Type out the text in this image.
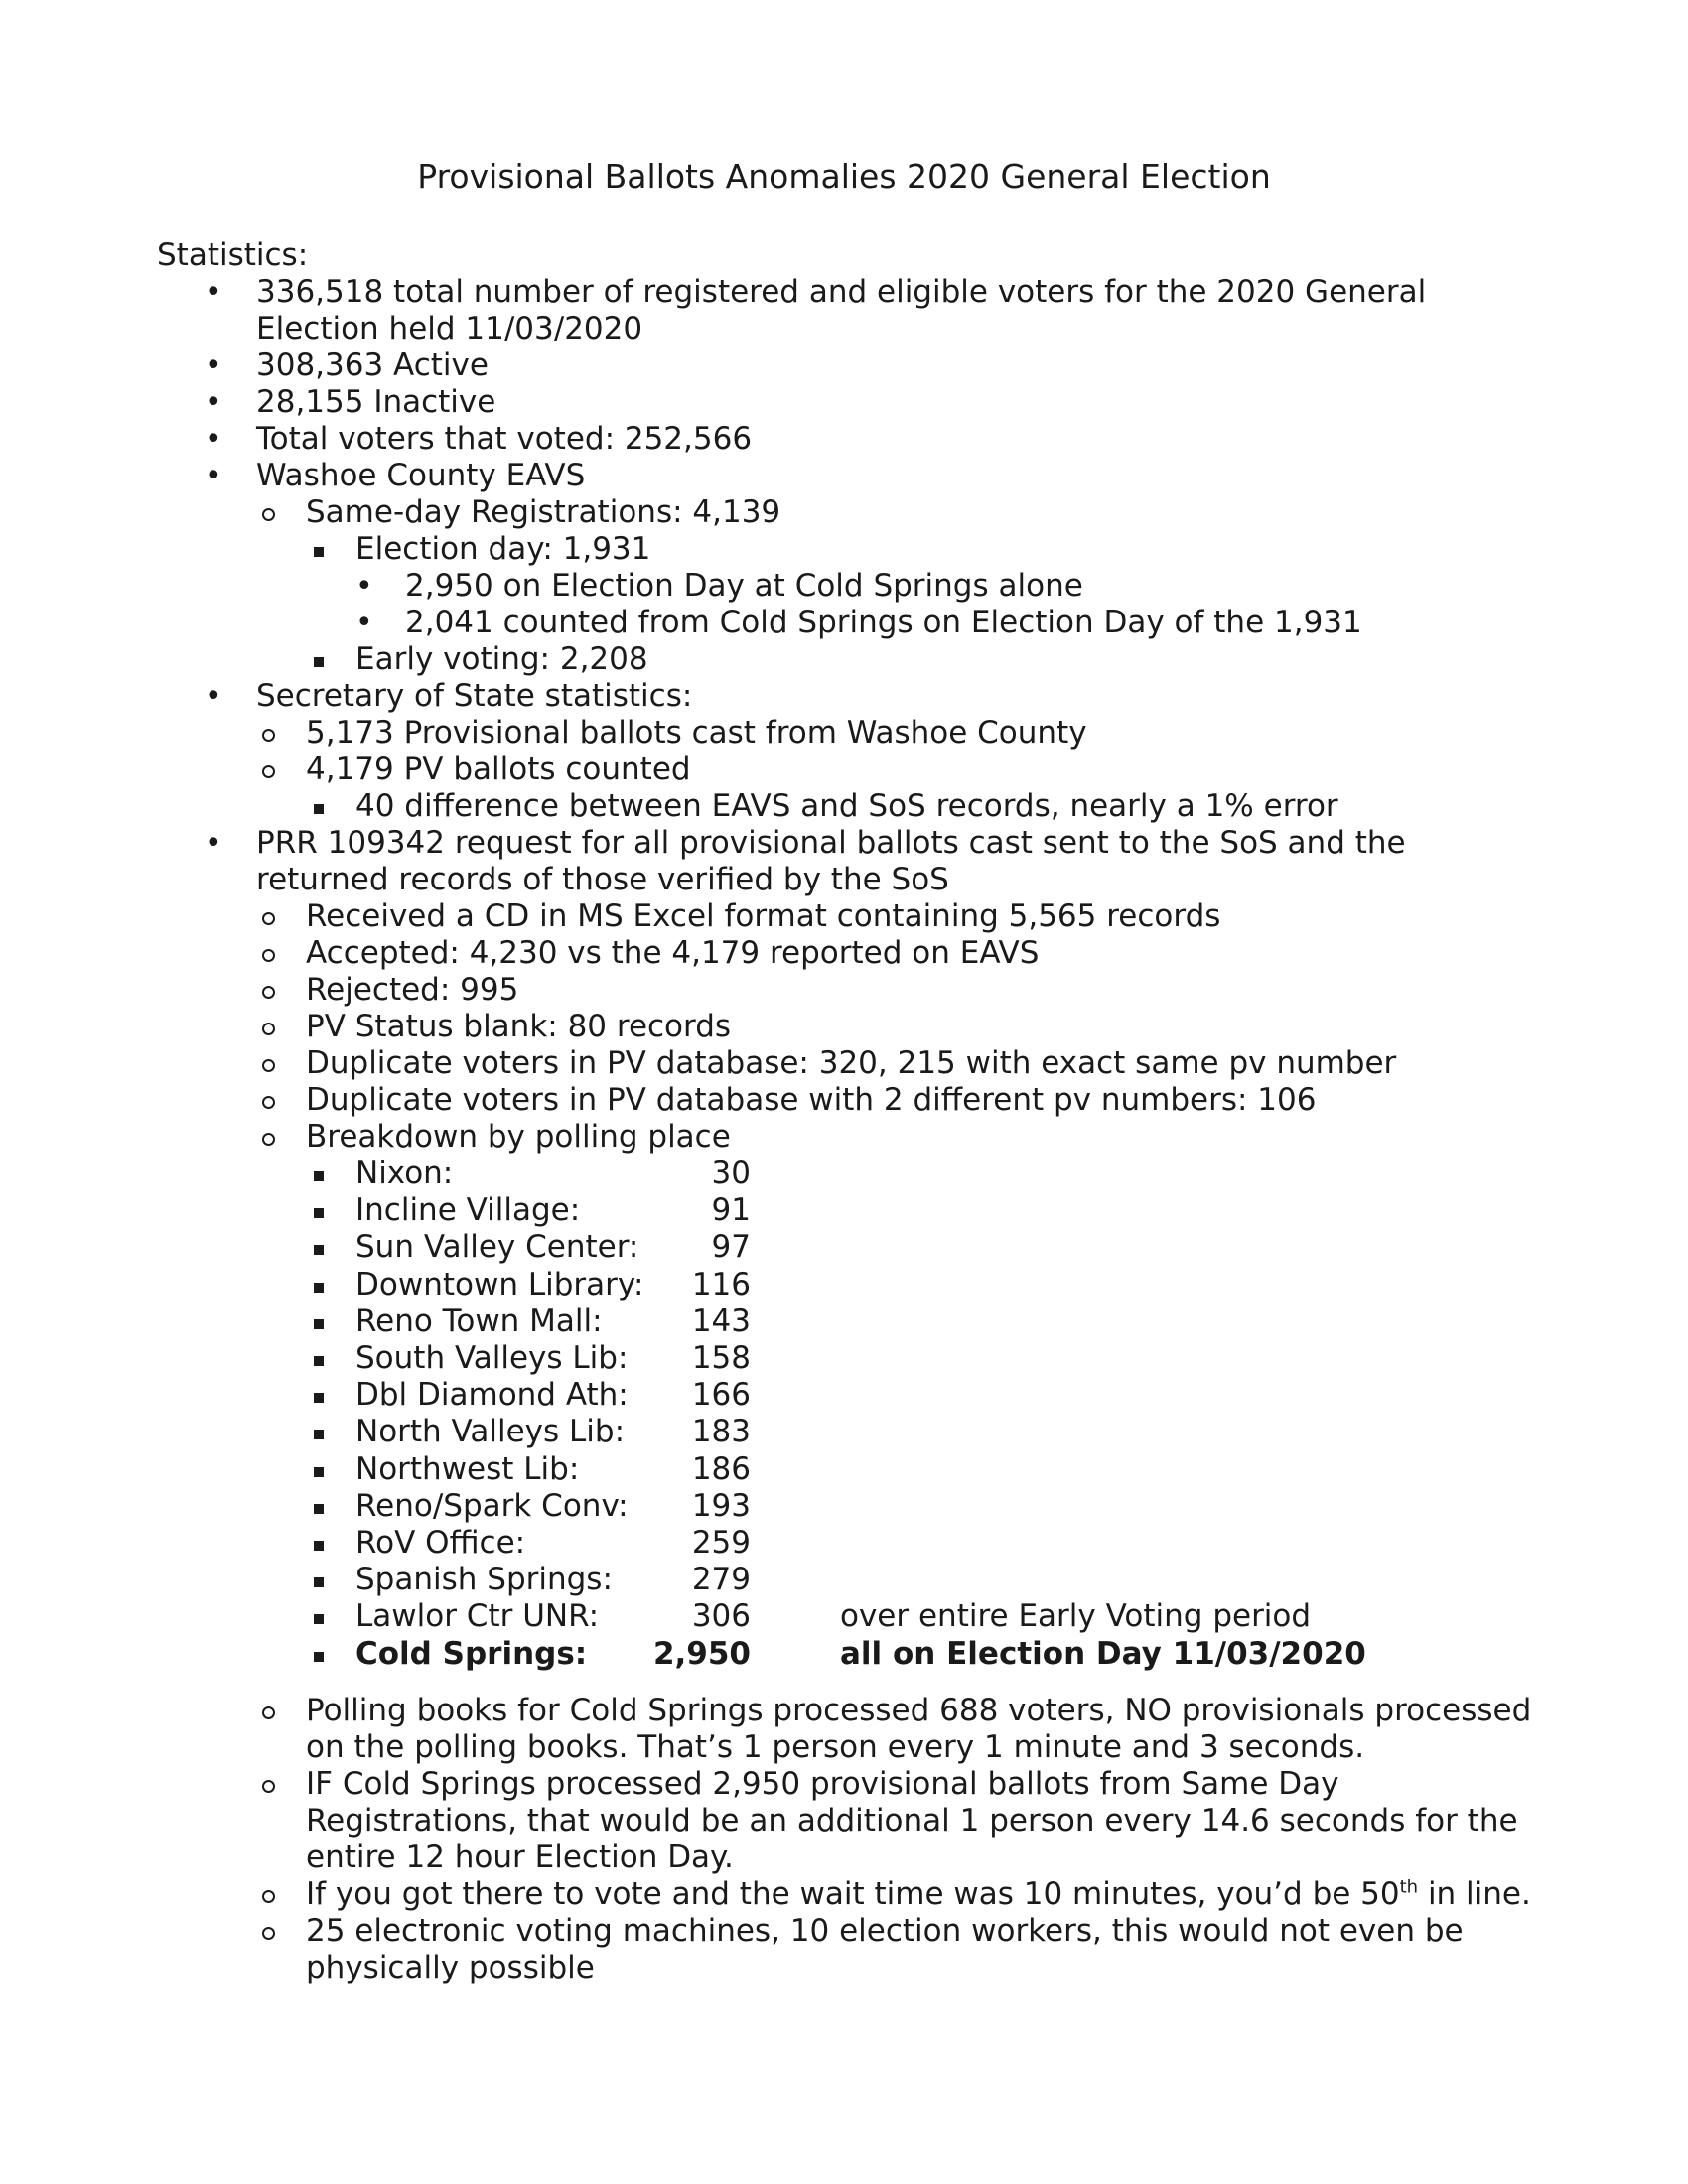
Provisional Ballots Anomalies 2020 General Election
Statistics:
• 336,518 total number of registered and eligible voters for the 2020 General
Election held 11/03/2020
• 308,363 Active
• 28,155 Inactive
• Total voters that voted: 252,566
• Washoe County EAVS
Same-day Registrations: 4,139
Election day: 1,931
• 2,950 on Election Day at Cold Springs alone
• 2,041 counted from Cold Springs on Election Day of the 1,931
Early voting: 2,208
• Secretary of State statistics:
5,173 Provisional ballots cast from Washoe County
4,179 PV ballots counted
40 difference between EAVS and SoS records, nearly a 1% error
• PRR 109342 request for all provisional ballots cast sent to the SoS and the
returned records of those verified by the SoS
Received a CD in MS Excel format containing 5,565 records
Accepted: 4,230 vs the 4,179 reported on EAVS
Rejected: 995
PV Status blank: 80 records
Duplicate voters in PV database: 320, 215 with exact same pv number
Duplicate voters in PV database with 2 different pv numbers: 106
Breakdown by polling place
Nixon:	30
Incline Village:	91
Sun Valley Center:	97
Downtown Library:	116
Reno Town Mall:	143
South Valleys Lib:	158
Dbl Diamond Ath:	166
North Valleys Lib:	183
Northwest Lib:	186
Reno/Spark Conv:	193
RoV Office:	259
Spanish Springs:	279
Lawlor Ctr UNR:	306	over entire Early Voting period
Cold Springs:	2,950	all on Election Day 11/03/2020
Polling books for Cold Springs processed 688 voters, NO provisionals processed
on the polling books. That’s 1 person every 1 minute and 3 seconds.
IF Cold Springs processed 2,950 provisional ballots from Same Day
Registrations, that would be an additional 1 person every 14.6 seconds for the
entire 12 hour Election Day.
If you got there to vote and the wait time was 10 minutes, you’d be 50th in line.
25 electronic voting machines, 10 election workers, this would not even be
physically possible
